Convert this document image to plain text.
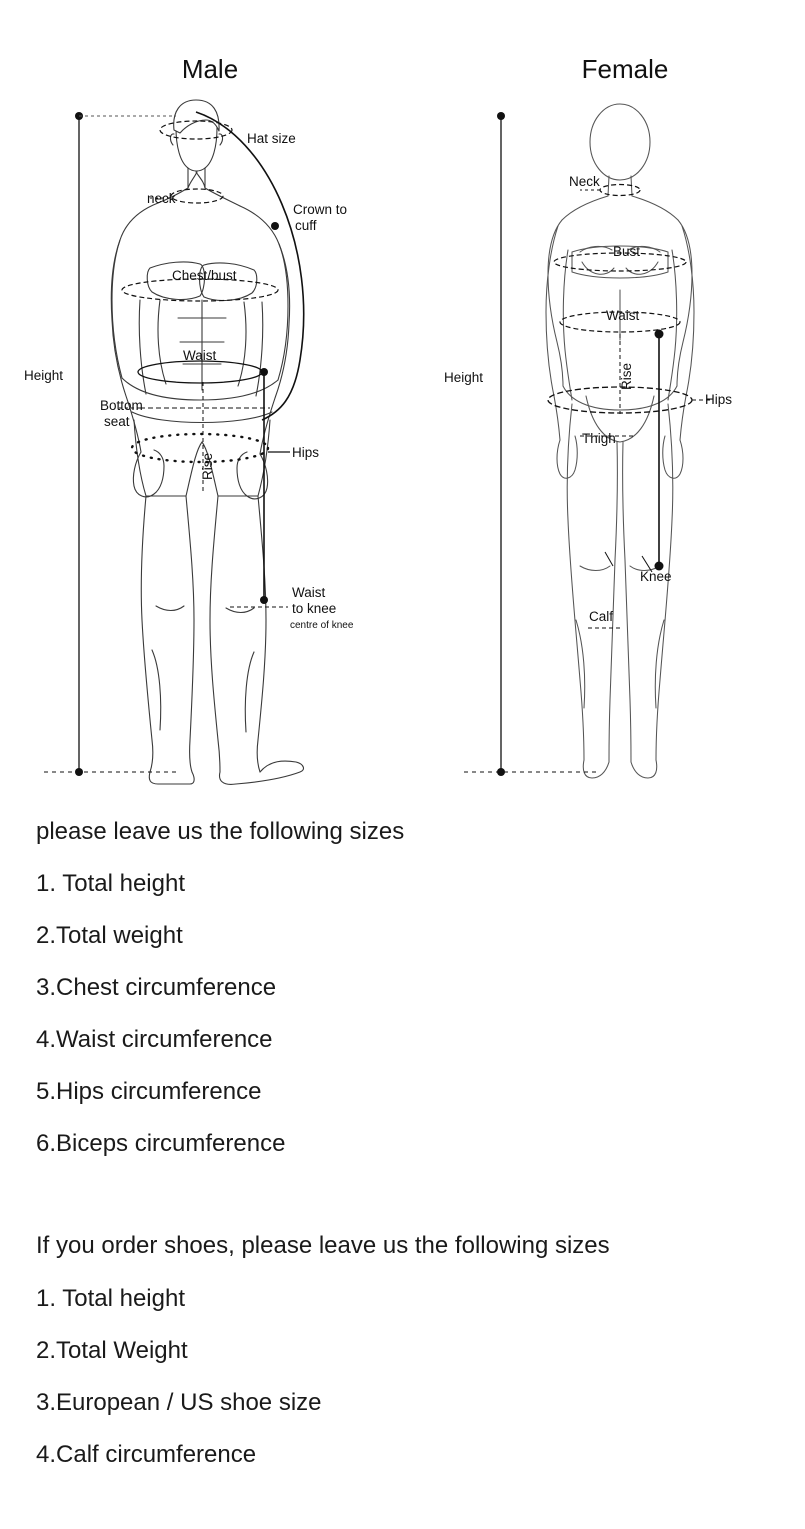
Male	Female
Height
Hat size
neck
Crown to
cuff
Chest/bust
Waist
Bottom
seat
Rise
Hips
Waist
to knee
centre of knee
Height
Neck
Bust
Waist
Rise
Hips
Thigh
Knee
Calf
please leave us the following sizes
1. Total height
2.Total weight
3.Chest circumference
4.Waist circumference
5.Hips circumference
6.Biceps circumference
If you order shoes, please leave us the following sizes
1. Total height
2.Total Weight
3.European / US shoe size
4.Calf circumference
